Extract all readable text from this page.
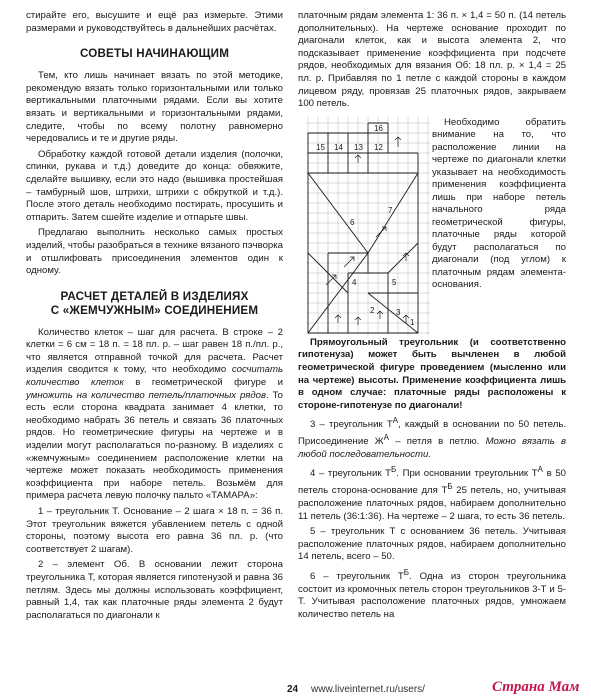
стирайте его, высушите и ещё раз измерьте. Этими размерами и руководствуйтесь в дальнейших расчётах.

СОВЕТЫ НАЧИНАЮЩИМ

Тем, кто лишь начинает вязать по этой методике, рекомендую вязать только горизонтальными или только вертикальными платочными рядами. Если вы хотите вязать и вертикальными и горизонтальными рядами, следите, чтобы по всему полотну равномерно чередовались и те и другие ряды.

Обработку каждой готовой детали изделия (полочки, спинки, рукава и т.д.) доведите до конца: обвяжите, сделайте вышивку, если это надо (вышивка простейшая – тамбурный шов, штрихи, штрихи с обкруткой и т.д.). После этого деталь необходимо постирать, просушить и отпарить. Затем сшейте изделие и отпарьте швы.

Предлагаю выполнить несколько самых простых изделий, чтобы разобраться в технике вязаного пэчворка и отшлифовать присоединения элементов один к одному.

РАСЧЕТ ДЕТАЛЕЙ В ИЗДЕЛИЯХ
С «ЖЕМЧУЖНЫМ» СОЕДИНЕНИЕМ

Количество клеток – шаг для расчета. В строке – 2 клетки = 6 см = 18 п. = 18 пл. р. – шаг равен 18 п./пл. р., что является отправной точкой для расчета. Расчет изделия сводится к тому, что необходимо сосчитать количество клеток в геометрической фигуре и умножить на количество петель/платочных рядов. То есть если сторона квадрата занимает 4 клетки, то необходимо набрать 36 петель и связать 36 платочных рядов. Но геометрические фигуры на чертеже и в изделии могут располагаться по-разному. В изделиях с «жемчужным» соединением расположение клетки на чертеже может показать необходимость применения коэффициента при наборе петель. Возьмём для примера расчета левую полочку пальто «ТАМАРА»:

1 – треугольник Т. Основание – 2 шага × 18 п. = 36 п. Этот треугольник вяжется убавлением петель с одной стороны, поэтому высота его равна 36 пл. р. (что соответствует 2 шагам).

2 – элемент Об. В основании лежит сторона треугольника Т, которая является гипотенузой и равна 36 петлям. Здесь мы должны использовать коэффициент, равный 1,4, так как платочные ряды элемента 2 будут располагаться по диагонали к

платочным рядам элемента 1: 36 п. × 1,4 = 50 п. (14 петель дополнительных). На чертеже основание проходит по диагонали клеток, как и высота элемента 2, что подсказывает применение коэффициента при подсчете рядов, необходимых для вязания Об: 18 пл. р. × 1,4 = 25 пл. р. Прибавляя по 1 петле с каждой стороны в каждом лицевом ряду, провязав 25 платочных рядов, закрываем 100 петель.

16
15 14 13 12
7
6
5
4
3
2
1

Необходимо обратить внимание на то, что расположение линии на чертеже по диагонали клетки указывает на необходимость применения коэффициента лишь при наборе петель начального ряда геометрической фигуры, платочные ряды которой будут располагаться по диагонали (под углом) к платочным рядам элемента-основания.

Прямоугольный треугольник (и соответственно гипотенуза) может быть вычленен в любой геометрической фигуре проведением (мысленно или на чертеже) высоты. Применение коэффициента лишь в одном случае: платочные ряды расположены к стороне-гипотенузе по диагонали!

3 – треугольник $Т^А$, каждый в основании по 50 петель. Присоединение $Ж^А$ – петля в петлю. Можно вязать в любой последовательности.

4 – треугольник $Т^Б$. При основании треугольник $Т^А$ в 50 петель сторона-основание для $Т^Б$ 25 петель, но, учитывая расположение платочных рядов, набираем дополнительно 11 петель (36:1:36). На чертеже – 2 шага, то есть 36 петель.

5 – треугольник Т с основанием 36 петель. Учитывая расположение платочных рядов, набираем дополнительно 14 петель, всего – 50.

6 – треугольник $Т^Б$. Одна из сторон треугольника состоит из кромочных петель сторон треугольников 3-Т и 5-Т. Учитывая расположение платочных рядов, умножаем количество петель на

24 www.liveinternet.ru/users/	Страна Мам
